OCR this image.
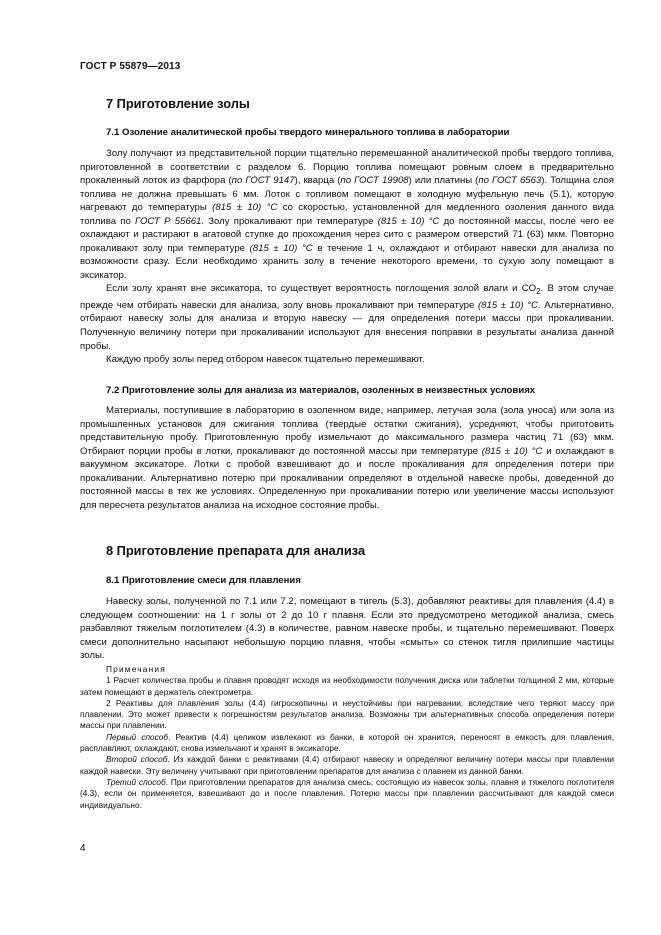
ГОСТ Р 55879—2013
7 Приготовление золы
7.1 Озоление аналитической пробы твердого минерального топлива в лаборатории

Золу получают из представительной порции тщательно перемешанной аналитической пробы твердого топлива, приготовленной в соответствии с разделом 6. Порцию топлива помещают ровным слоем в предварительно прокаленный лоток из фарфора (по ГОСТ 9147), кварца (по ГОСТ 19908) или платины (по ГОСТ 6563). Толщина слоя топлива не должна превышать 6 мм. Лоток с топливом помещают в холодную муфельную печь (5.1), которую нагревают до температуры (815 ± 10) °C со скоростью, установленной для медленного озоления данного вида топлива по ГОСТ Р 55661. Золу прокаливают при температуре (815 ± 10) °C до постоянной массы, после чего ее охлаждают и растирают в агатовой ступке до прохождения через сито с размером отверстий 71 (63) мкм. Повторно прокаливают золу при температуре (815 ± 10) °C в течение 1 ч, охлаждают и отбирают навески для анализа по возможности сразу. Если необходимо хранить золу в течение некоторого времени, то сухую золу помещают в эксикатор.

Если золу хранят вне эксикатора, то существует вероятность поглощения золой влаги и $CO_2$. В этом случае прежде чем отбирать навески для анализа, золу вновь прокаливают при температуре (815 ± 10) °C. Альтернативно, отбирают навеску золы для анализа и вторую навеску — для определения потери массы при прокаливании. Полученную величину потери при прокаливании используют для внесения поправки в результаты анализа данной пробы.

Каждую пробу золы перед отбором навесок тщательно перемешивают.

7.2 Приготовление золы для анализа из материалов, озоленных в неизвестных условиях

Материалы, поступившие в лабораторию в озоленном виде, например, летучая зола (зола уноса) или зола из промышленных установок для сжигания топлива (твердые остатки сжигания), усредняют, чтобы приготовить представительную пробу. Приготовленную пробу измельчают до максимального размера частиц 71 (63) мкм. Отбирают порции пробы в лотки, прокаливают до постоянной массы при температуре (815 ± 10) °C и охлаждают в вакуумном эксикаторе. Лотки с пробой взвешивают до и после прокаливания для определения потери при прокаливании. Альтернативно потерю при прокаливании определяют в отдельной навеске пробы, доведенной до постоянной массы в тех же условиях. Определенную при прокаливании потерю или увеличение массы используют для пересчета результатов анализа на исходное состояние пробы.

8 Приготовление препарата для анализа
8.1 Приготовление смеси для плавления

Навеску золы, полученной по 7.1 или 7.2, помещают в тигель (5.3), добавляют реактивы для плавления (4.4) в следующем соотношении: на 1 г золы от 2 до 10 г плавня. Если это предусмотрено методикой анализа, смесь разбавляют тяжелым поглотителем (4.3) в количестве, равном навеске пробы, и тщательно перемешивают. Поверх смеси дополнительно насыпают небольшую порцию плавня, чтобы «смыть» со стенок тигля прилипшие частицы золы.

Примечания

1 Расчет количества пробы и плавня проводят исходя из необходимости получения диска или таблетки толщиной 2 мм, которые затем помещают в держатель спектрометра.

2 Реактивы для плавления золы (4.4) гигроскопичны и неустойчивы при нагревании, вследствие чего теряют массу при плавлении. Это может привести к погрешностям результатов анализа. Возможны три альтернативных способа определения потери массы при плавлении.

Первый способ. Реактив (4.4) целиком извлекают из банки, в которой он хранится, переносят в емкость для плавления, расплавляют, охлаждают, снова измельчают и хранят в эксикаторе.

Второй способ. Из каждой банки с реактивами (4.4) отбирают навеску и определяют величину потери массы при плавлении каждой навески. Эту величину учитывают при приготовлении препаратов для анализа с плавнем из данной банки.

Третий способ. При приготовлении препаратов для анализа смесь, состоящую из навесок золы, плавня и тяжелого поглотителя (4.3), если он применяется, взвешивают до и после плавления. Потерю массы при плавлении рассчитывают для каждой смеси индивидуально.

4
